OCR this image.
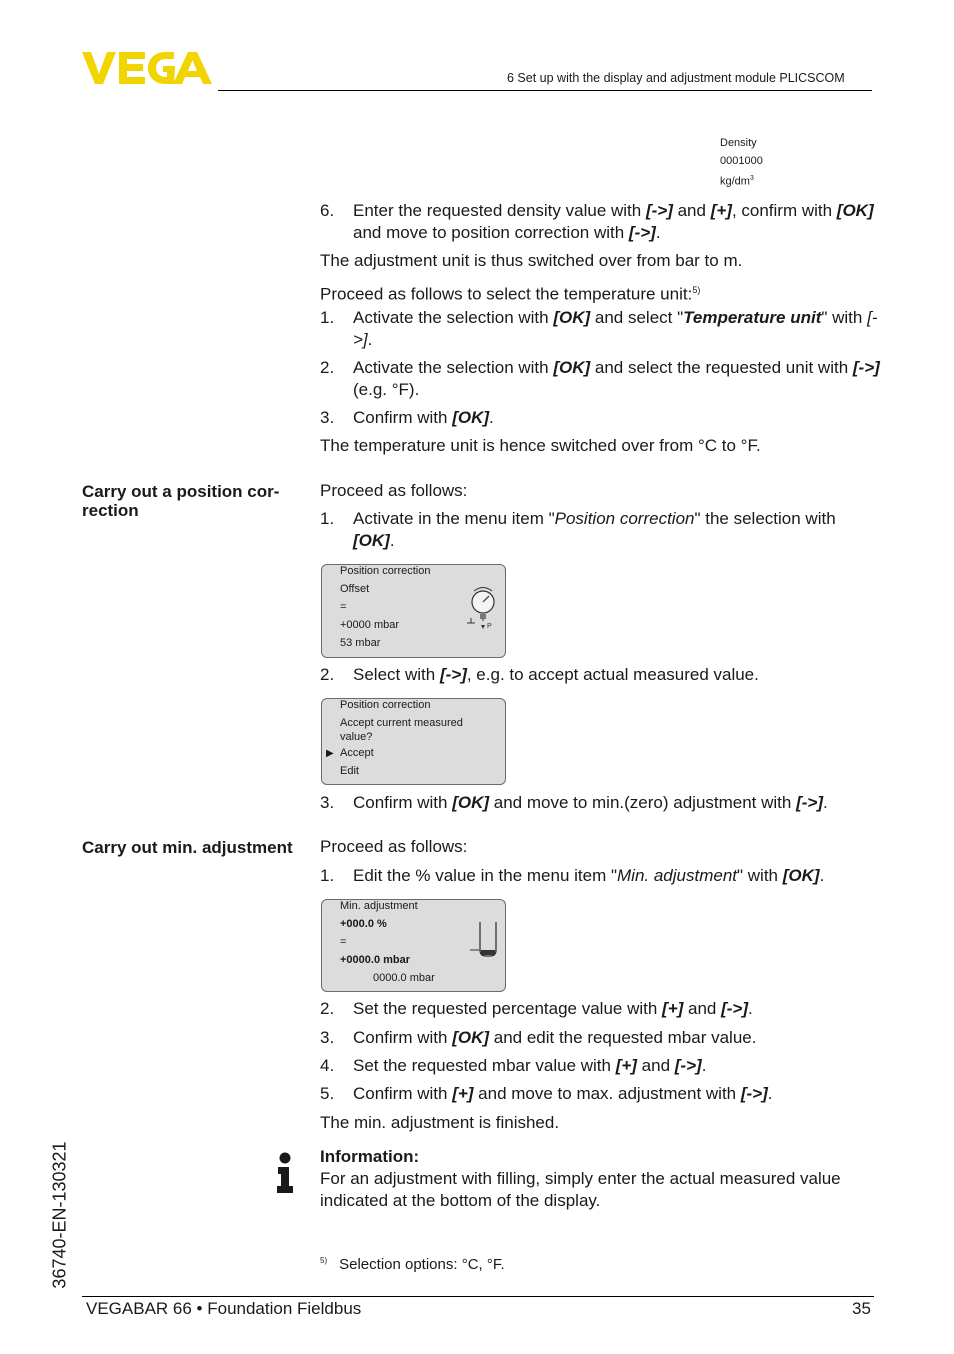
6 Set up with the display and adjustment module PLICSCOM
Density
0001000
$kg/dm^3$
6. Enter the requested density value with [->] and [+], confirm with [OK] and move to position correction with [->].
The adjustment unit is thus switched over from bar to m.
Proceed as follows to select the temperature unit:$^{5)}$
1. Activate the selection with [OK] and select "Temperature unit" with [->].
2. Activate the selection with [OK] and select the requested unit with [->] (e.g. °F).
3. Confirm with [OK].
The temperature unit is hence switched over from °C to °F.
Carry out a position cor-
rection
Proceed as follows:
1. Activate in the menu item "Position correction" the selection with [OK].
Position correction
Offset
=
+0000 mbar
53 mbar
P
2. Select with [->], e.g. to accept actual measured value.
Position correction
Accept current measured
value?
▶ Accept
Edit
3. Confirm with [OK] and move to min.(zero) adjustment with [->].
Carry out min. adjustment Proceed as follows:
1. Edit the % value in the menu item "Min. adjustment" with [OK].
Min. adjustment
+000.0 %
=
+0000.0 mbar
0000.0 mbar
2. Set the requested percentage value with [+] and [->].
3. Confirm with [OK] and edit the requested mbar value.
4. Set the requested mbar value with [+] and [->].
5. Confirm with [+] and move to max. adjustment with [->].
The min. adjustment is finished.
Information:
For an adjustment with filling, simply enter the actual measured value
indicated at the bottom of the display.
$^{5)}$ Selection options: °C, °F.
36740-EN-130321
VEGABAR 66 • Foundation Fieldbus	35
